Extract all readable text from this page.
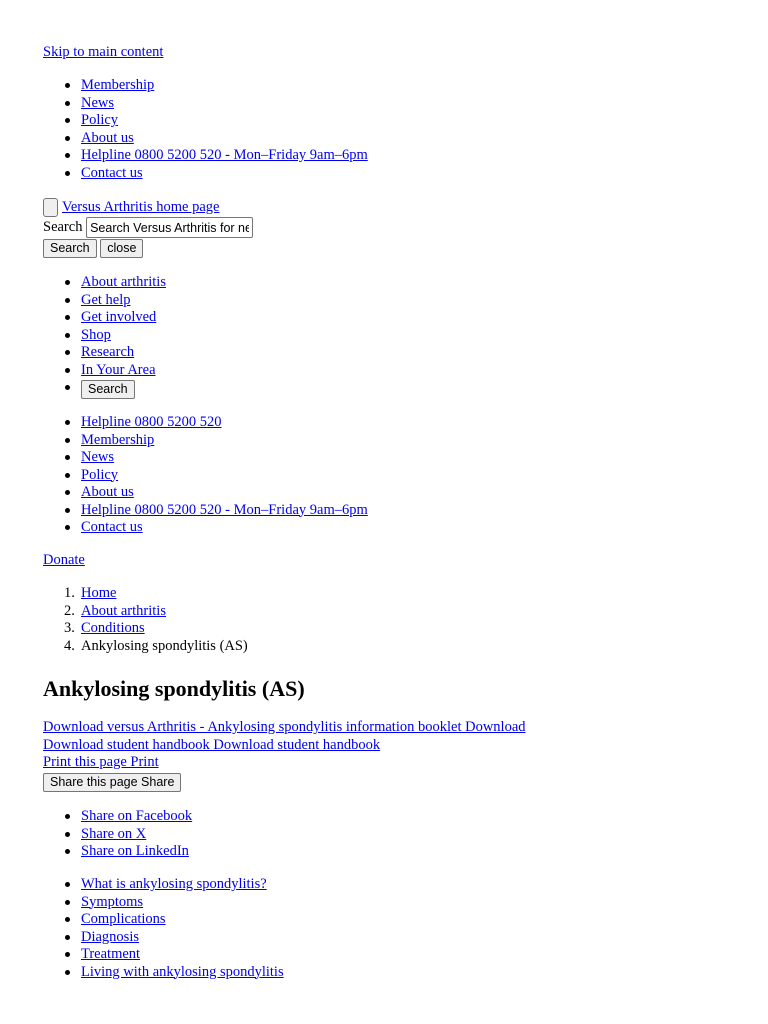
Skip to main content
Membership
News
Policy
About us
Helpline 0800 5200 520 - Mon–Friday 9am–6pm
Contact us
Versus Arthritis home page
Search Search Versus Arthritis for ne
Search close
About arthritis
Get help
Get involved
Shop
Research
In Your Area
Search
Helpline 0800 5200 520
Membership
News
Policy
About us
Helpline 0800 5200 520 - Mon–Friday 9am–6pm
Contact us
Donate
1. Home
2. About arthritis
3. Conditions
4. Ankylosing spondylitis (AS)
Ankylosing spondylitis (AS)
Download versus Arthritis - Ankylosing spondylitis information booklet Download
Download student handbook Download student handbook
Print this page Print
Share this page Share
Share on Facebook
Share on X
Share on LinkedIn
What is ankylosing spondylitis?
Symptoms
Complications
Diagnosis
Treatment
Living with ankylosing spondylitis
